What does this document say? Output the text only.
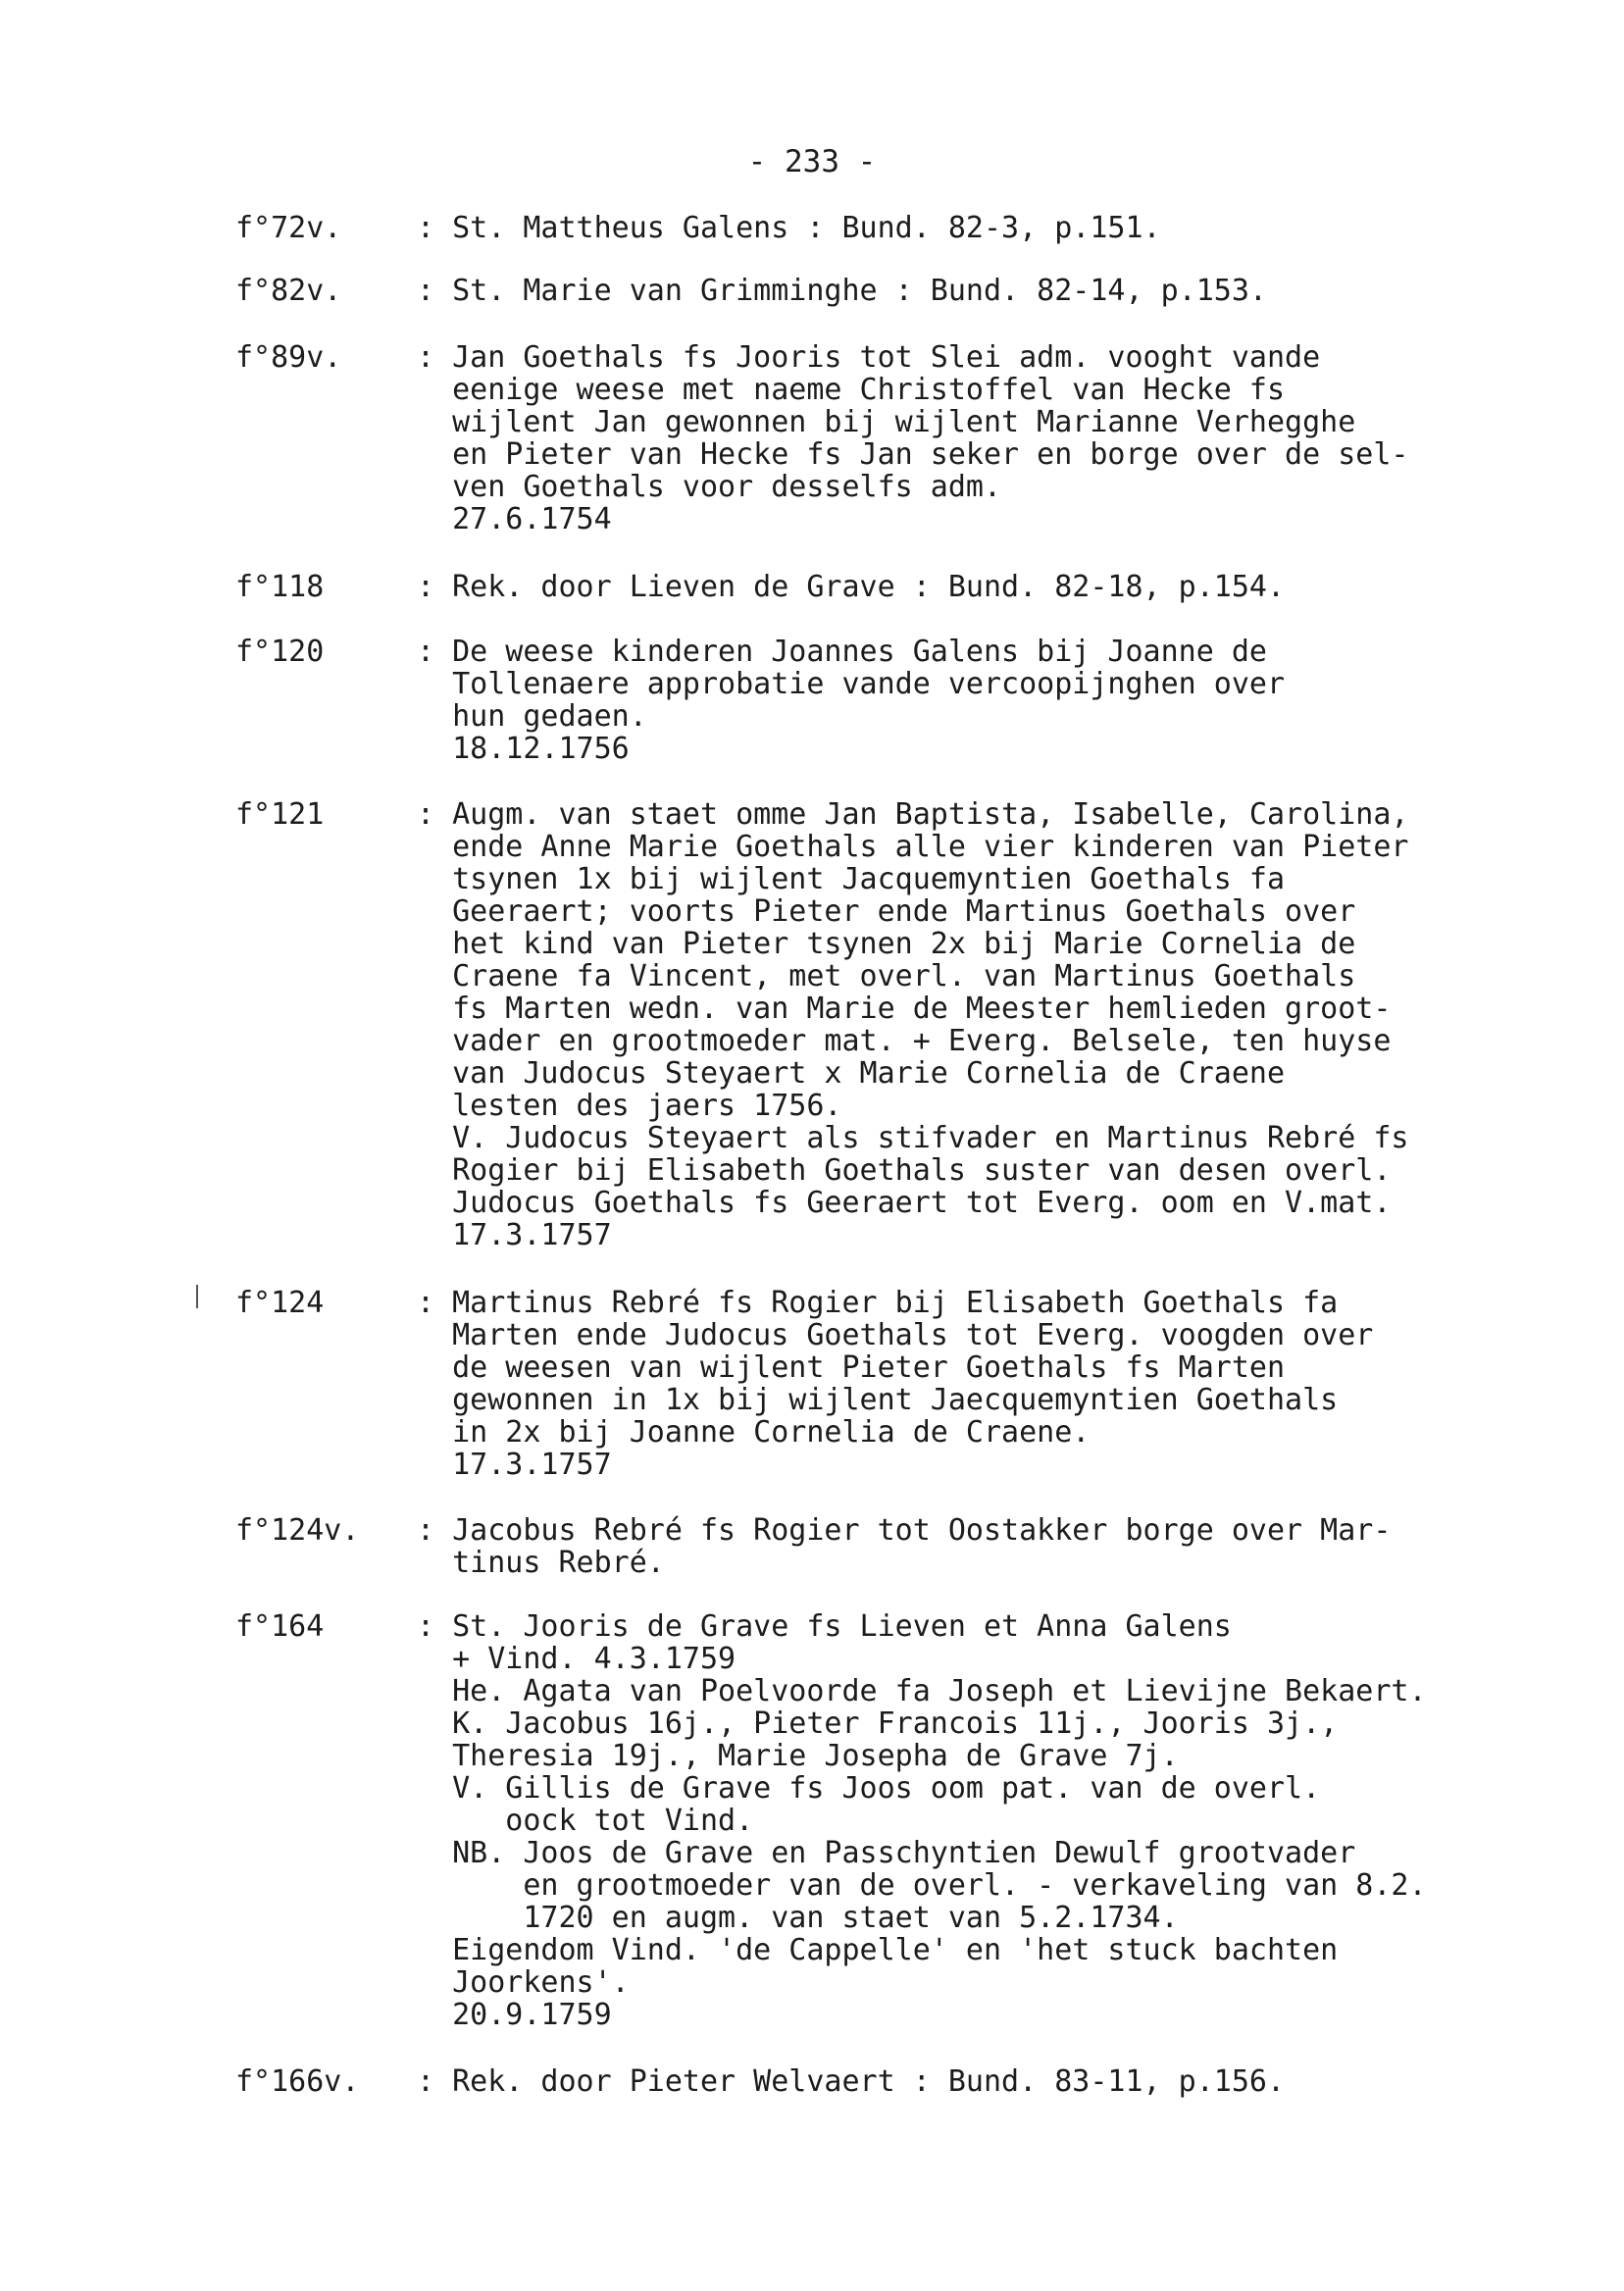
- 233 -
f°72v.	: St. Mattheus Galens : Bund. 82-3, p.151.
f°82v.	: St. Marie van Grimminghe : Bund. 82-14, p.153.
f°89v.	: Jan Goethals fs Jooris tot Slei adm. vooght vande
eenige weese met naeme Christoffel van Hecke fs
wijlent Jan gewonnen bij wijlent Marianne Verhegghe
en Pieter van Hecke fs Jan seker en borge over de sel-
ven Goethals voor desselfs adm.
27.6.1754
f°118	: Rek. door Lieven de Grave : Bund. 82-18, p.154.
f°120	: De weese kinderen Joannes Galens bij Joanne de
Tollenaere approbatie vande vercoopijnghen over
hun gedaen.
18.12.1756
f°121	: Augm. van staet omme Jan Baptista, Isabelle, Carolina,
ende Anne Marie Goethals alle vier kinderen van Pieter
tsynen 1x bij wijlent Jacquemyntien Goethals fa
Geeraert; voorts Pieter ende Martinus Goethals over
het kind van Pieter tsynen 2x bij Marie Cornelia de
Craene fa Vincent, met overl. van Martinus Goethals
fs Marten wedn. van Marie de Meester hemlieden groot-
vader en grootmoeder mat. + Everg. Belsele, ten huyse
van Judocus Steyaert x Marie Cornelia de Craene
lesten des jaers 1756.
V. Judocus Steyaert als stifvader en Martinus Rebré fs
Rogier bij Elisabeth Goethals suster van desen overl.
Judocus Goethals fs Geeraert tot Everg. oom en V.mat.
17.3.1757
f°124	: Martinus Rebré fs Rogier bij Elisabeth Goethals fa
Marten ende Judocus Goethals tot Everg. voogden over
de weesen van wijlent Pieter Goethals fs Marten
gewonnen in 1x bij wijlent Jaecquemyntien Goethals
in 2x bij Joanne Cornelia de Craene.
17.3.1757
f°124v.	: Jacobus Rebré fs Rogier tot Oostakker borge over Mar-
tinus Rebré.
f°164	: St. Jooris de Grave fs Lieven et Anna Galens
+ Vind. 4.3.1759
He. Agata van Poelvoorde fa Joseph et Lievijne Bekaert.
K. Jacobus 16j., Pieter Francois 11j., Jooris 3j.,
Theresia 19j., Marie Josepha de Grave 7j.
V. Gillis de Grave fs Joos oom pat. van de overl.
oock tot Vind.
NB. Joos de Grave en Passchyntien Dewulf grootvader
en grootmoeder van de overl. - verkaveling van 8.2.
1720 en augm. van staet van 5.2.1734.
Eigendom Vind. 'de Cappelle' en 'het stuck bachten
Joorkens'.
20.9.1759
f°166v.	: Rek. door Pieter Welvaert : Bund. 83-11, p.156.
